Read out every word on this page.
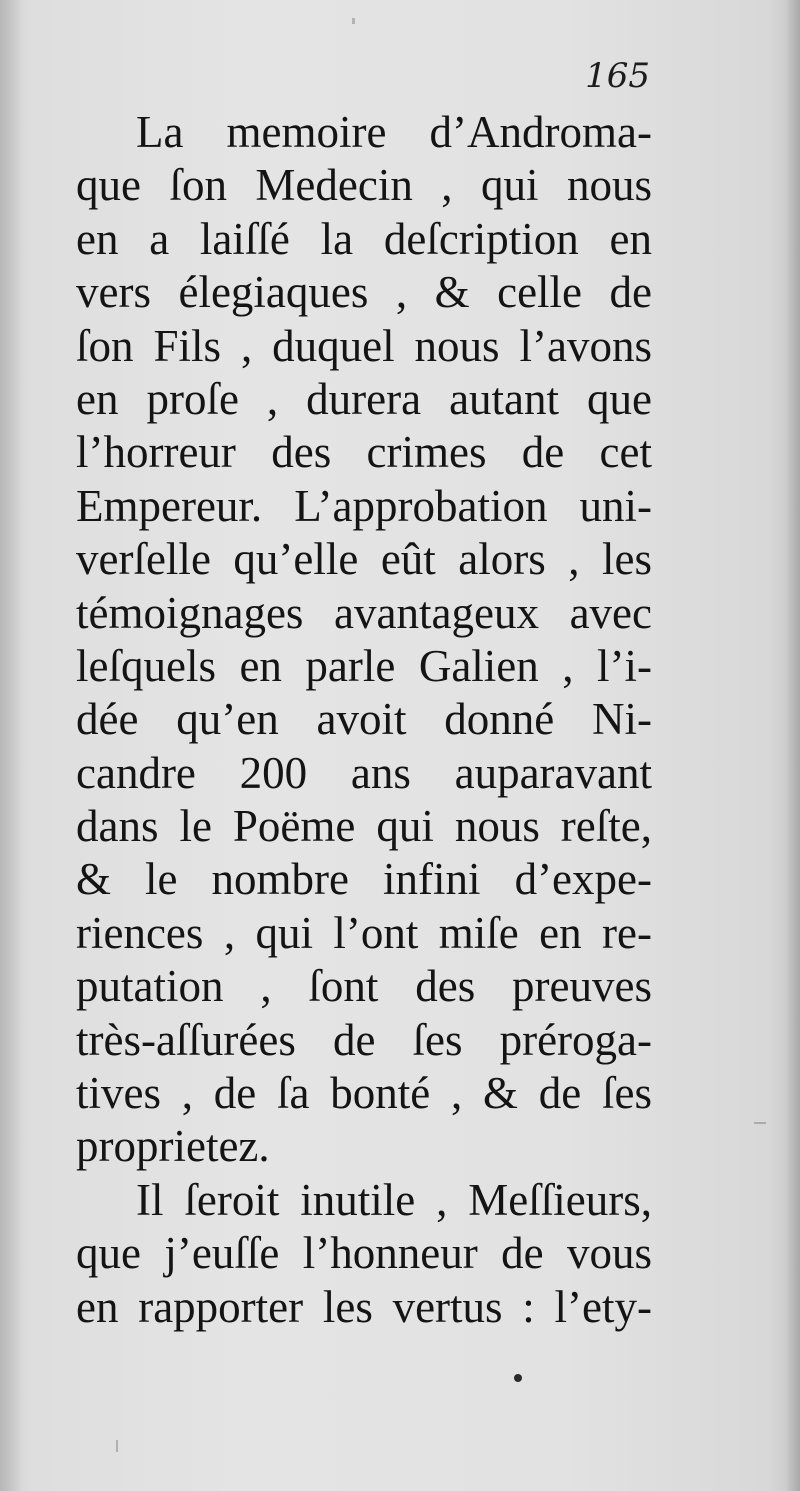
165
La memoire d’Androma-
que ſon Medecin , qui nous
en a laiſſé la deſcription en
vers élegiaques , & celle de
ſon Fils , duquel nous l’avons
en proſe , durera autant que
l’horreur des crimes de cet
Empereur. L’approbation uni-
verſelle qu’elle eût alors , les
témoignages avantageux avec
leſquels en parle Galien , l’i-
dée qu’en avoit donné Ni-
candre 200 ans auparavant
dans le Poëme qui nous reſte,
& le nombre infini d’expe-
riences , qui l’ont miſe en re-
putation , ſont des preuves
très-aſſurées de ſes préroga-
tives , de ſa bonté , & de ſes
proprietez.
Il ſeroit inutile , Meſſieurs,
que j’euſſe l’honneur de vous
en rapporter les vertus : l’ety-
